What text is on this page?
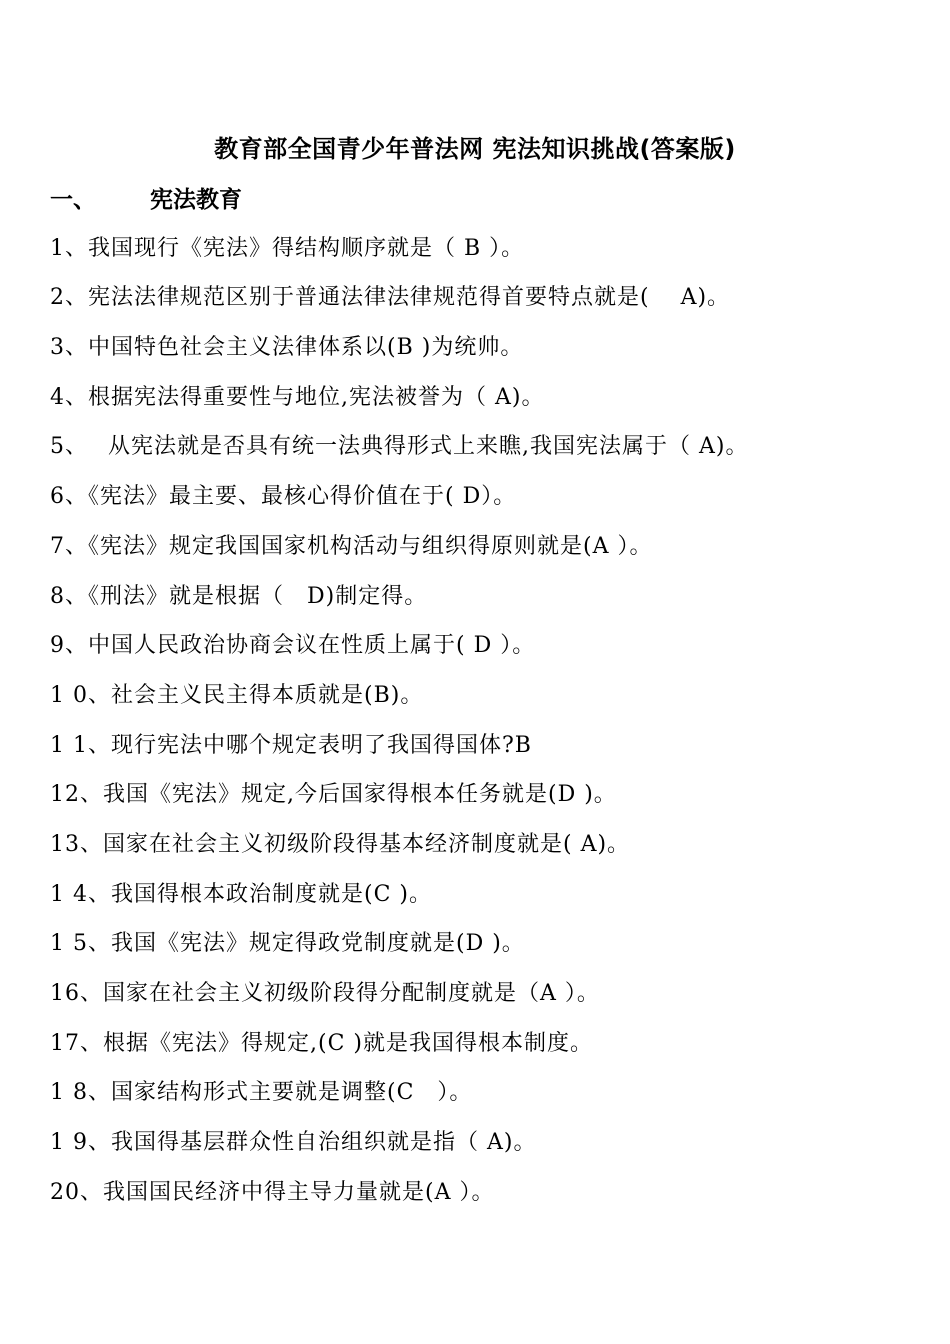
教育部全国青少年普法网 宪法知识挑战(答案版)
一、 宪法教育
1、我国现行《宪法》得结构顺序就是（ B ）。
2、宪法法律规范区别于普通法律法律规范得首要特点就是(　 A)。
3、中国特色社会主义法律体系以(B )为统帅。
4、根据宪法得重要性与地位,宪法被誉为（ A)。
5、　 从宪法就是否具有统一法典得形式上来瞧,我国宪法属于（ A)。
6、《宪法》最主要、最核心得价值在于( D）。
7、《宪法》规定我国国家机构活动与组织得原则就是(A ）。
8、《刑法》就是根据（　D)制定得。
9、中国人民政治协商会议在性质上属于( D ）。
1 0、社会主义民主得本质就是(B)。
1 1、现行宪法中哪个规定表明了我国得国体?B
12、我国《宪法》规定,今后国家得根本任务就是(D )。
13、国家在社会主义初级阶段得基本经济制度就是( A)。
1 4、我国得根本政治制度就是(C )。
1 5、我国《宪法》规定得政党制度就是(D )。
16、国家在社会主义初级阶段得分配制度就是（A ）。
17、根据《宪法》得规定,(C )就是我国得根本制度。
1 8、国家结构形式主要就是调整(C　）。
1 9、我国得基层群众性自治组织就是指（ A)。
20、我国国民经济中得主导力量就是(A ）。
